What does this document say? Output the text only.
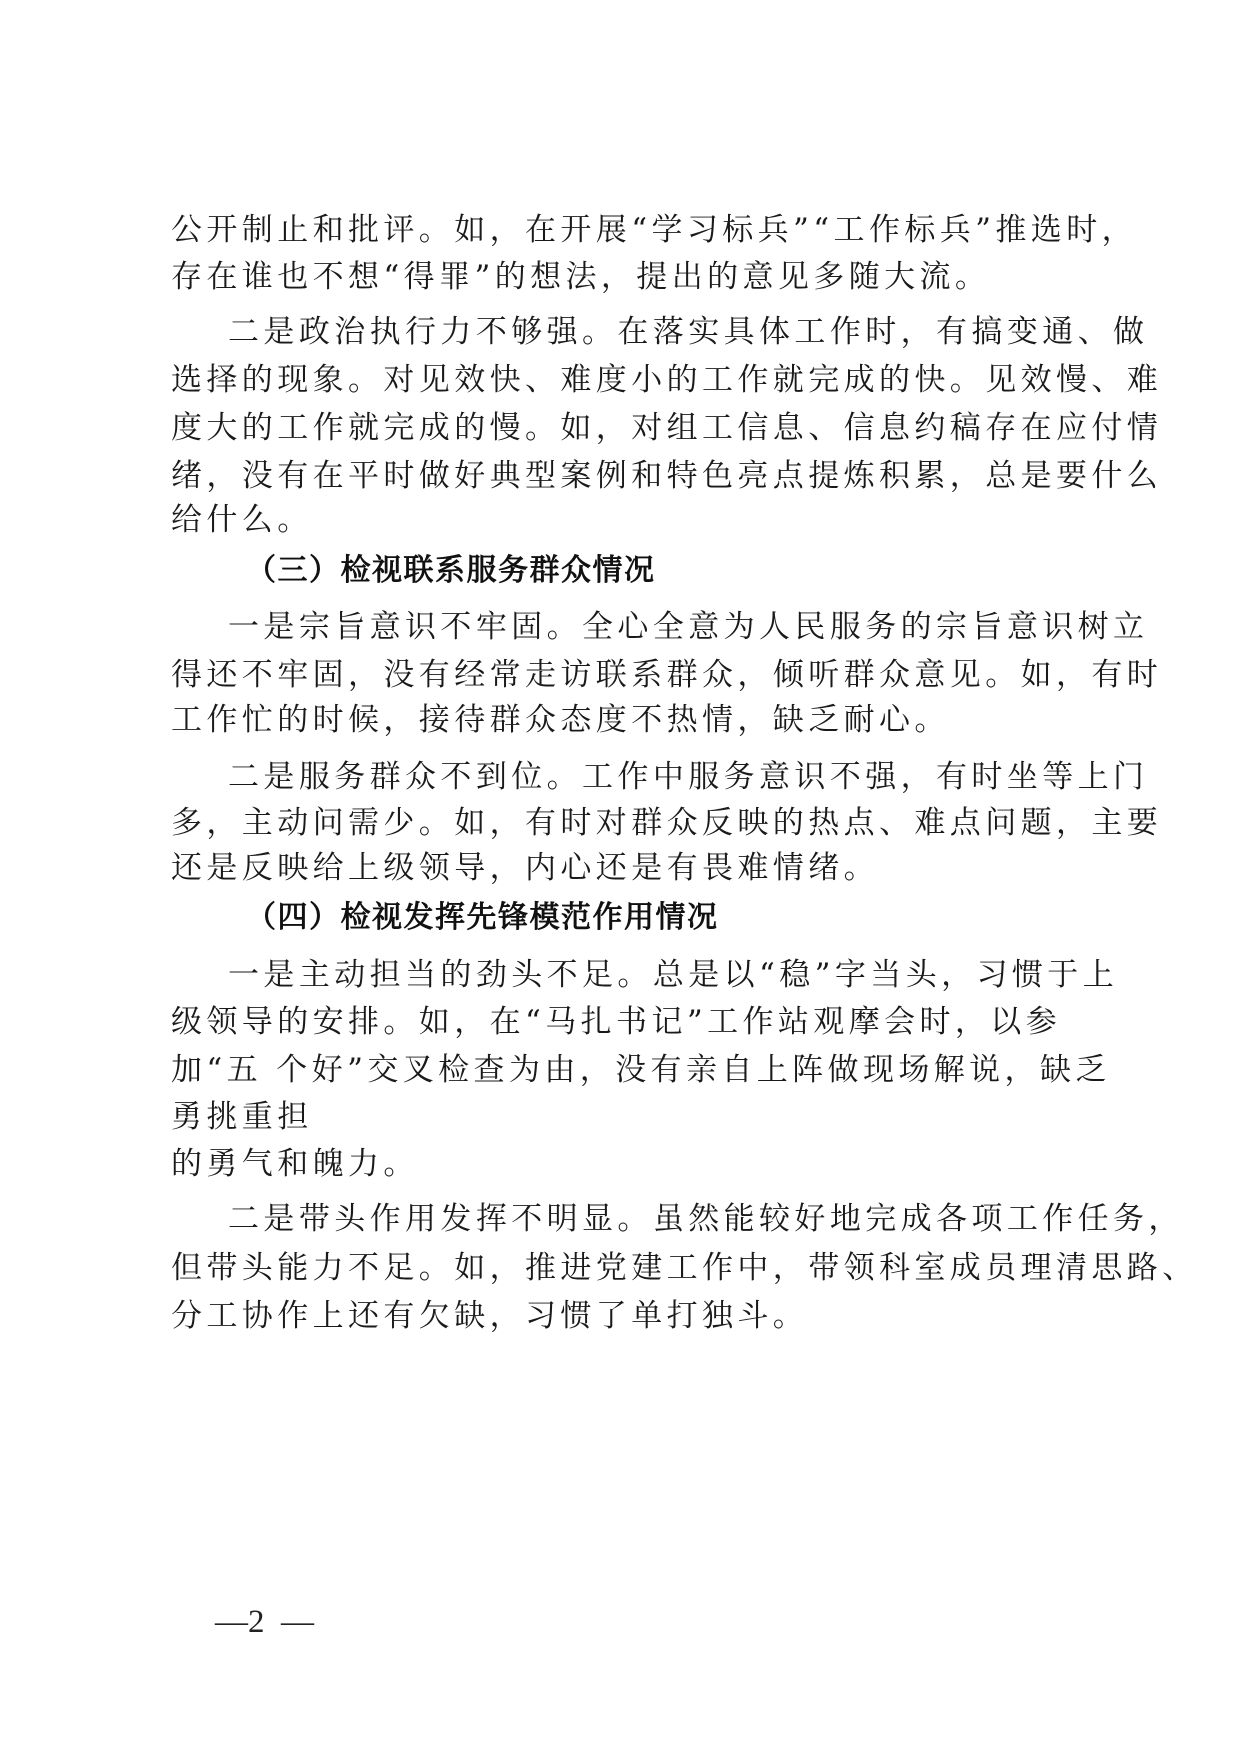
公开制止和批评。如，在开展“学习标兵”“工作标兵”推选时，

存在谁也不想“得罪”的想法，提出的意见多随大流。

二是政治执行力不够强。在落实具体工作时，有搞变通、做

选择的现象。对见效快、难度小的工作就完成的快。见效慢、难

度大的工作就完成的慢。如，对组工信息、信息约稿存在应付情

绪，没有在平时做好典型案例和特色亮点提炼积累，总是要什么

给什么。

（三）检视联系服务群众情况

一是宗旨意识不牢固。全心全意为人民服务的宗旨意识树立

得还不牢固，没有经常走访联系群众，倾听群众意见。如，有时

工作忙的时候，接待群众态度不热情，缺乏耐心。

二是服务群众不到位。工作中服务意识不强，有时坐等上门

多，主动问需少。如，有时对群众反映的热点、难点问题，主要

还是反映给上级领导，内心还是有畏难情绪。

（四）检视发挥先锋模范作用情况

一是主动担当的劲头不足。总是以“稳”字当头，习惯于上

级领导的安排。如，在“马扎书记”工作站观摩会时，以参

加“五 个好”交叉检查为由，没有亲自上阵做现场解说，缺乏

勇挑重担

的勇气和魄力。

二是带头作用发挥不明显。虽然能较好地完成各项工作任务，

但带头能力不足。如，推进党建工作中，带领科室成员理清思路、

分工协作上还有欠缺，习惯了单打独斗。

—2  —
